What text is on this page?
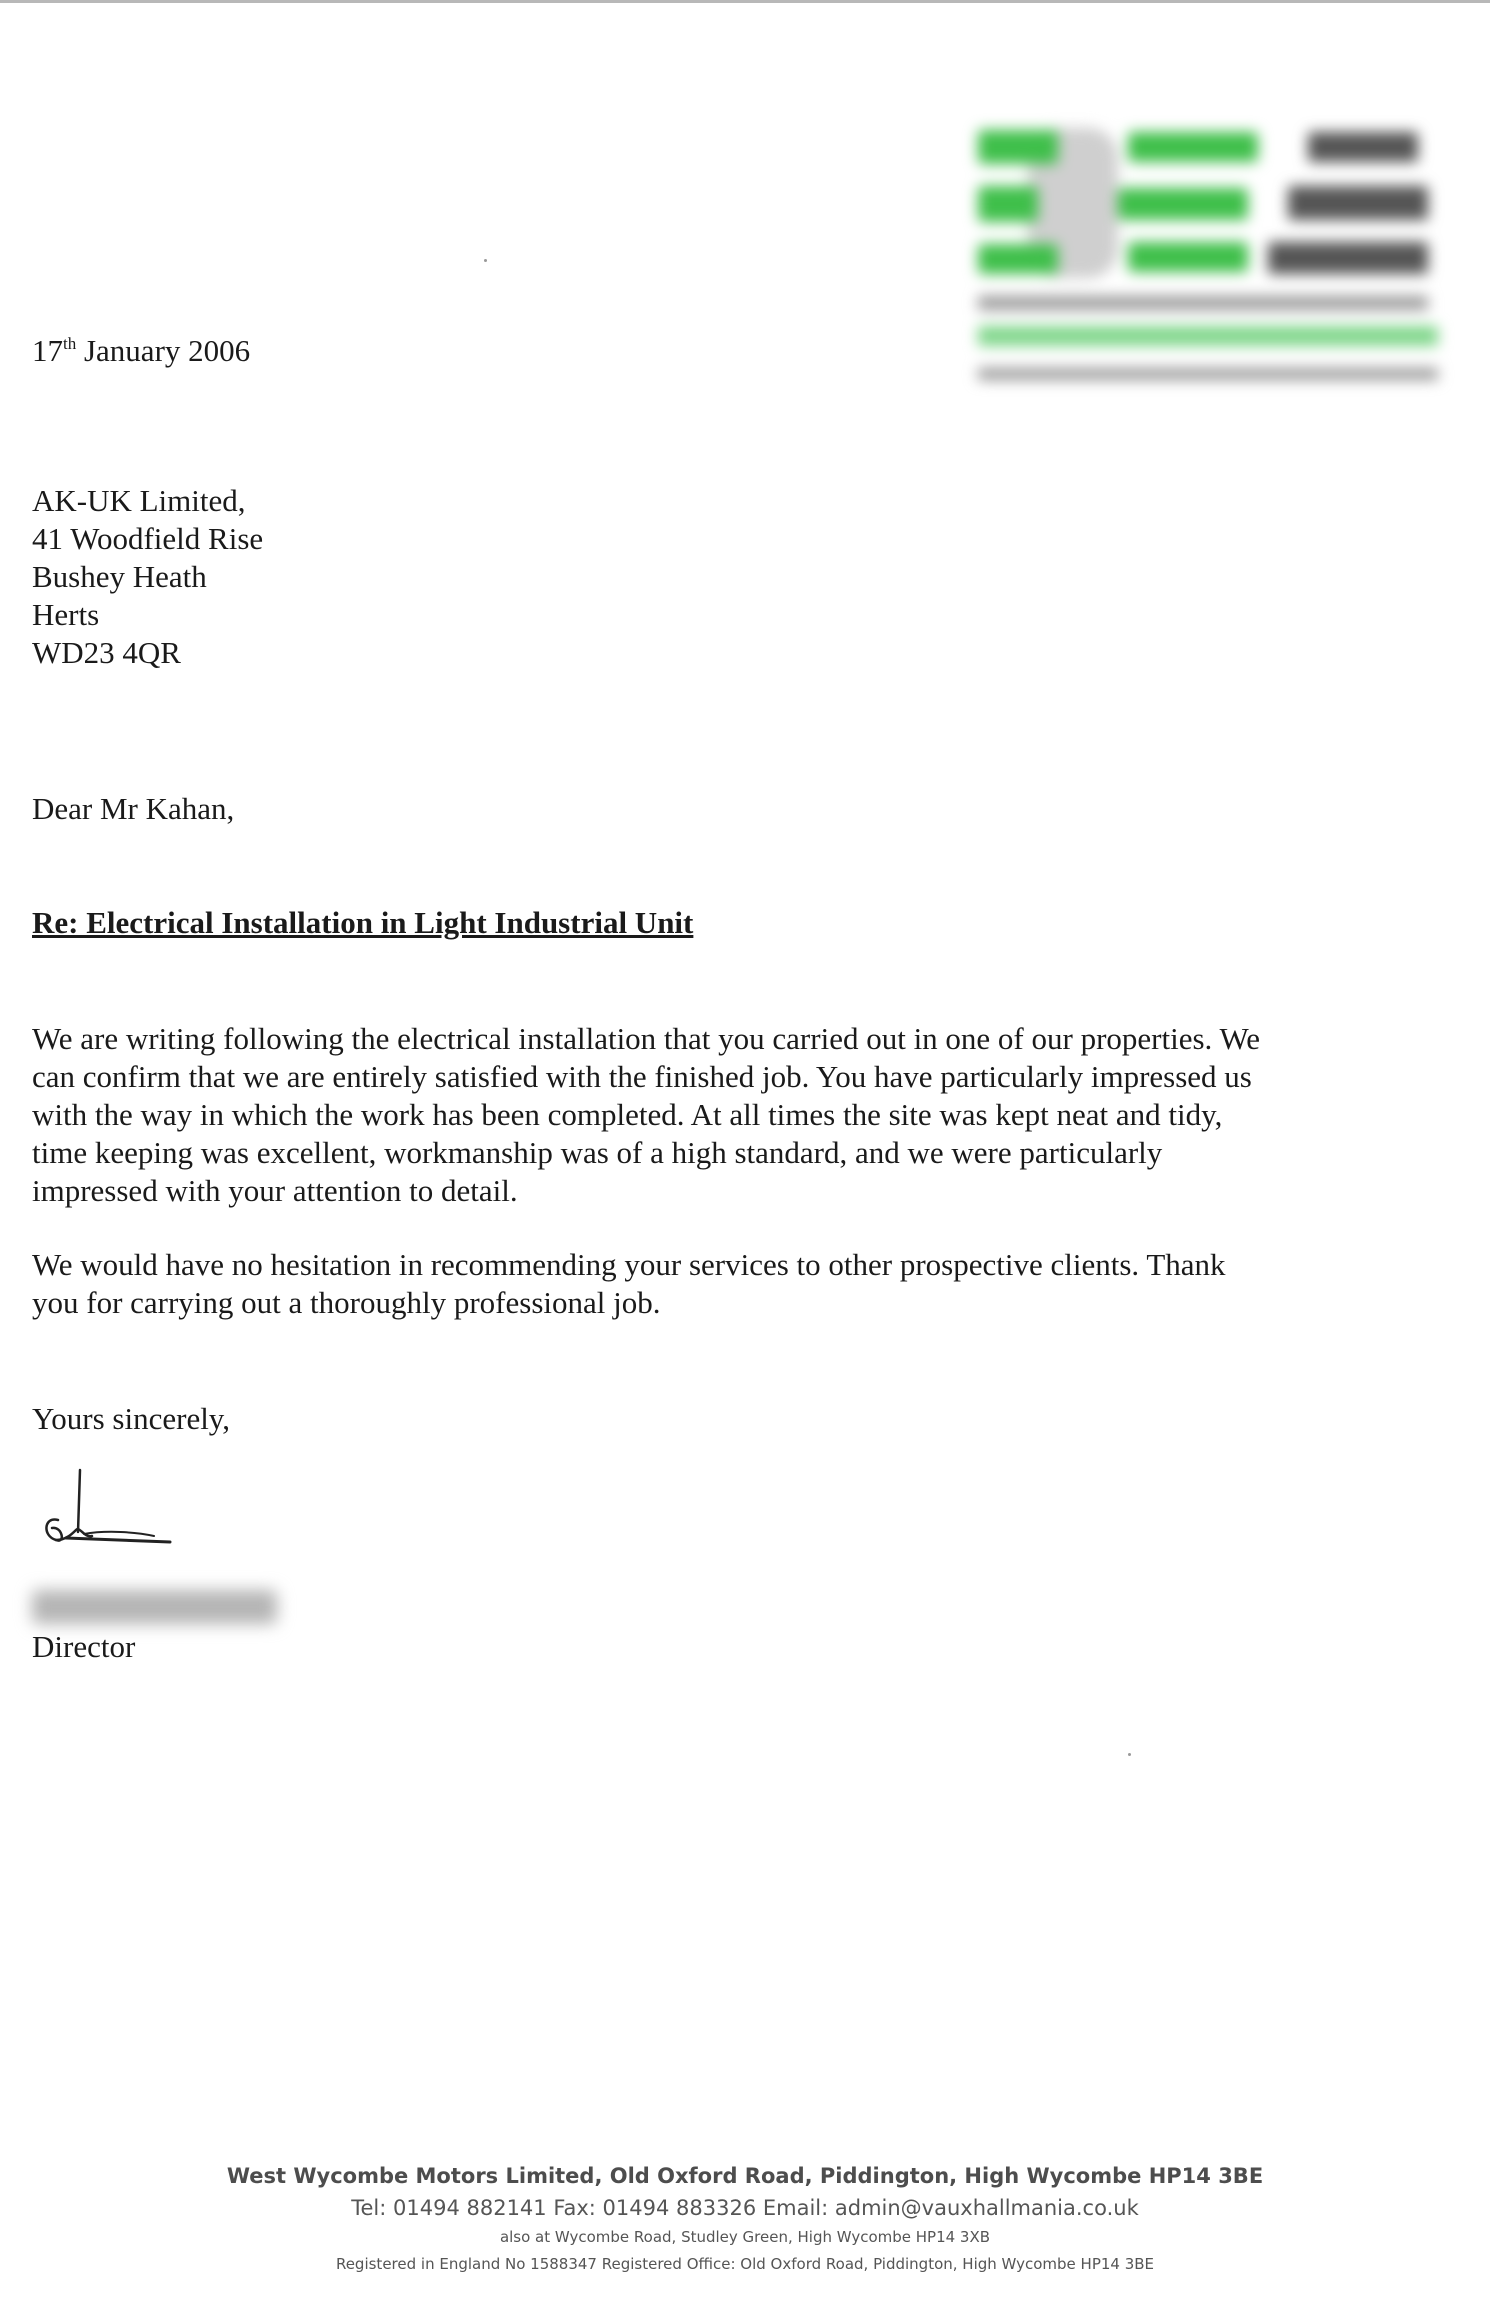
17th January 2006

AK-UK Limited,
41 Woodfield Rise
Bushey Heath
Herts
WD23 4QR

Dear Mr Kahan,

Re: Electrical Installation in Light Industrial Unit

We are writing following the electrical installation that you carried out in one of our properties. We
can confirm that we are entirely satisfied with the finished job. You have particularly impressed us
with the way in which the work has been completed. At all times the site was kept neat and tidy,
time keeping was excellent, workmanship was of a high standard, and we were particularly
impressed with your attention to detail.
We would have no hesitation in recommending your services to other prospective clients. Thank
you for carrying out a thoroughly professional job.

Yours sincerely,

Director

West Wycombe Motors Limited, Old Oxford Road, Piddington, High Wycombe HP14 3BE
Tel: 01494 882141 Fax: 01494 883326 Email: admin@vauxhallmania.co.uk
also at Wycombe Road, Studley Green, High Wycombe HP14 3XB
Registered in England No 1588347 Registered Office: Old Oxford Road, Piddington, High Wycombe HP14 3BE
